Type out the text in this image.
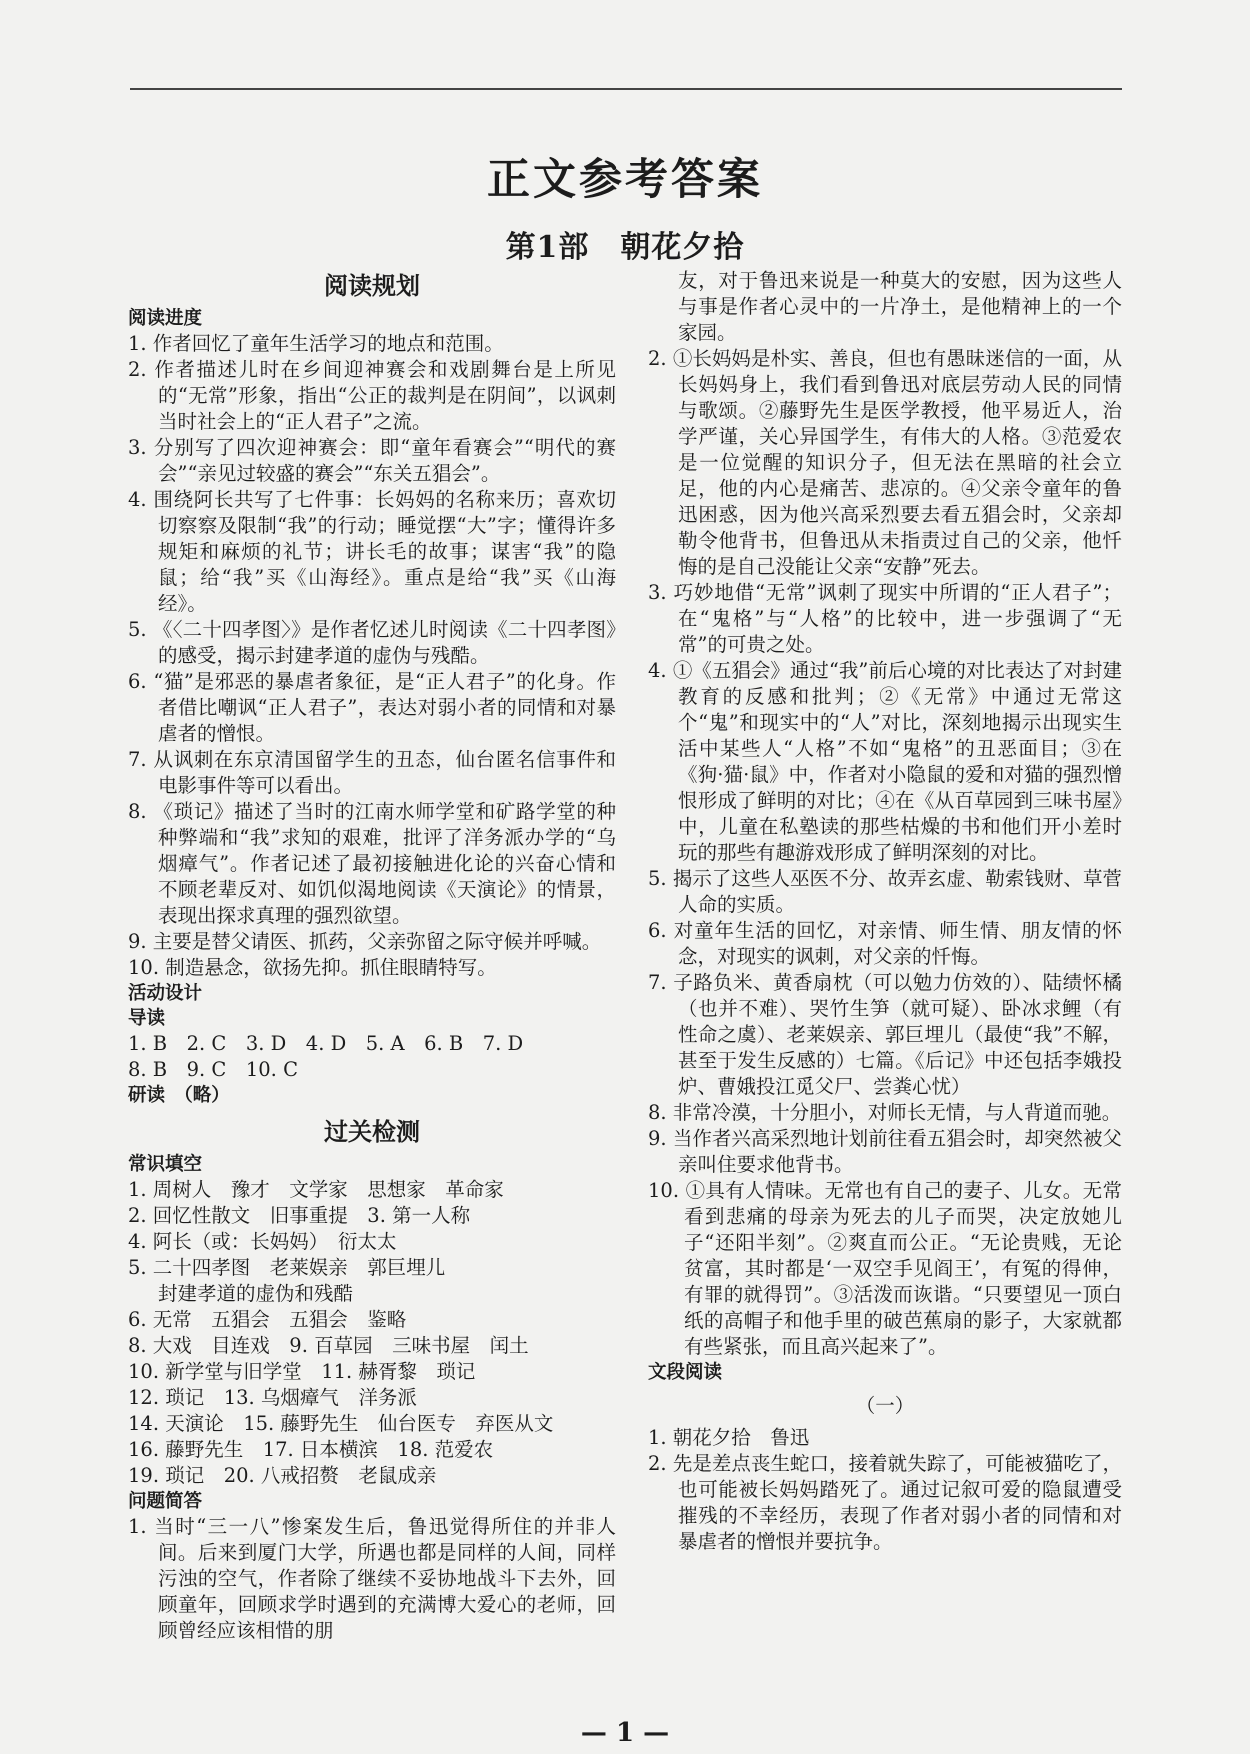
正文参考答案
第1部　朝花夕拾
阅读规划
阅读进度
1. 作者回忆了童年生活学习的地点和范围。
2. 作者描述儿时在乡间迎神赛会和戏剧舞台是上所见的“无常”形象，指出“公正的裁判是在阴间”，以讽刺当时社会上的“正人君子”之流。
3. 分别写了四次迎神赛会：即“童年看赛会”“明代的赛会”“亲见过较盛的赛会”“东关五猖会”。
4. 围绕阿长共写了七件事：长妈妈的名称来历；喜欢切切察察及限制“我”的行动；睡觉摆“大”字；懂得许多规矩和麻烦的礼节；讲长毛的故事；谋害“我”的隐鼠；给“我”买《山海经》。重点是给“我”买《山海经》。
5. 《〈二十四孝图〉》是作者忆述儿时阅读《二十四孝图》的感受，揭示封建孝道的虚伪与残酷。
6. “猫”是邪恶的暴虐者象征，是“正人君子”的化身。作者借比嘲讽“正人君子”，表达对弱小者的同情和对暴虐者的憎恨。
7. 从讽刺在东京清国留学生的丑态，仙台匿名信事件和电影事件等可以看出。
8. 《琐记》描述了当时的江南水师学堂和矿路学堂的种种弊端和“我”求知的艰难，批评了洋务派办学的“乌烟瘴气”。作者记述了最初接触进化论的兴奋心情和不顾老辈反对、如饥似渴地阅读《天演论》的情景，表现出探求真理的强烈欲望。
9. 主要是替父请医、抓药，父亲弥留之际守候并呼喊。
10. 制造悬念，欲扬先抑。抓住眼睛特写。
活动设计
导读
1. B　2. C　3. D　4. D　5. A　6. B　7. D
8. B　9. C　10. C
研读　（略）
过关检测
常识填空
1. 周树人　豫才　文学家　思想家　革命家
2. 回忆性散文　旧事重提　3. 第一人称
4. 阿长（或：长妈妈）　衍太太
5. 二十四孝图　老莱娱亲　郭巨埋儿
封建孝道的虚伪和残酷
6. 无常　五猖会　五猖会　鉴略
8. 大戏　目连戏　9. 百草园　三味书屋　闰土
10. 新学堂与旧学堂　11. 赫胥黎　琐记
12. 琐记　13. 乌烟瘴气　洋务派
14. 天演论　15. 藤野先生　仙台医专　弃医从文
16. 藤野先生　17. 日本横滨　18. 范爱农
19. 琐记　20. 八戒招赘　老鼠成亲
问题简答
1. 当时“三一八”惨案发生后，鲁迅觉得所住的并非人间。后来到厦门大学，所遇也都是同样的人间，同样污浊的空气，作者除了继续不妥协地战斗下去外，回顾童年，回顾求学时遇到的充满博大爱心的老师，回顾曾经应该相惜的朋
友，对于鲁迅来说是一种莫大的安慰，因为这些人与事是作者心灵中的一片净土，是他精神上的一个家园。
2. ①长妈妈是朴实、善良，但也有愚昧迷信的一面，从长妈妈身上，我们看到鲁迅对底层劳动人民的同情与歌颂。②藤野先生是医学教授，他平易近人，治学严谨，关心异国学生，有伟大的人格。③范爱农是一位觉醒的知识分子，但无法在黑暗的社会立足，他的内心是痛苦、悲凉的。④父亲令童年的鲁迅困惑，因为他兴高采烈要去看五猖会时，父亲却勒令他背书，但鲁迅从未指责过自己的父亲，他忏悔的是自己没能让父亲“安静”死去。
3. 巧妙地借“无常”讽刺了现实中所谓的“正人君子”；在“鬼格”与“人格”的比较中，进一步强调了“无常”的可贵之处。
4. ①《五猖会》通过“我”前后心境的对比表达了对封建教育的反感和批判；②《无常》中通过无常这个“鬼”和现实中的“人”对比，深刻地揭示出现实生活中某些人“人格”不如“鬼格”的丑恶面目；③在《狗·猫·鼠》中，作者对小隐鼠的爱和对猫的强烈憎恨形成了鲜明的对比；④在《从百草园到三味书屋》中，儿童在私塾读的那些枯燥的书和他们开小差时玩的那些有趣游戏形成了鲜明深刻的对比。
5. 揭示了这些人巫医不分、故弄玄虚、勒索钱财、草菅人命的实质。
6. 对童年生活的回忆，对亲情、师生情、朋友情的怀念，对现实的讽刺，对父亲的忏悔。
7. 子路负米、黄香扇枕（可以勉力仿效的）、陆绩怀橘（也并不难）、哭竹生笋（就可疑）、卧冰求鲤（有性命之虞）、老莱娱亲、郭巨埋儿（最使“我”不解，甚至于发生反感的）七篇。《后记》中还包括李娥投炉、曹娥投江觅父尸、尝粪心忧）
8. 非常冷漠，十分胆小，对师长无情，与人背道而驰。
9. 当作者兴高采烈地计划前往看五猖会时，却突然被父亲叫住要求他背书。
10. ①具有人情味。无常也有自己的妻子、儿女。无常看到悲痛的母亲为死去的儿子而哭，决定放她儿子“还阳半刻”。②爽直而公正。“无论贵贱，无论贫富，其时都是‘一双空手见阎王’，有冤的得伸，有罪的就得罚”。③活泼而诙谐。“只要望见一顶白纸的高帽子和他手里的破芭蕉扇的影子，大家就都有些紧张，而且高兴起来了”。
文段阅读
（一）
1. 朝花夕拾　鲁迅
2. 先是差点丧生蛇口，接着就失踪了，可能被猫吃了，也可能被长妈妈踏死了。通过记叙可爱的隐鼠遭受摧残的不幸经历，表现了作者对弱小者的同情和对暴虐者的憎恨并要抗争。
— 1 —
